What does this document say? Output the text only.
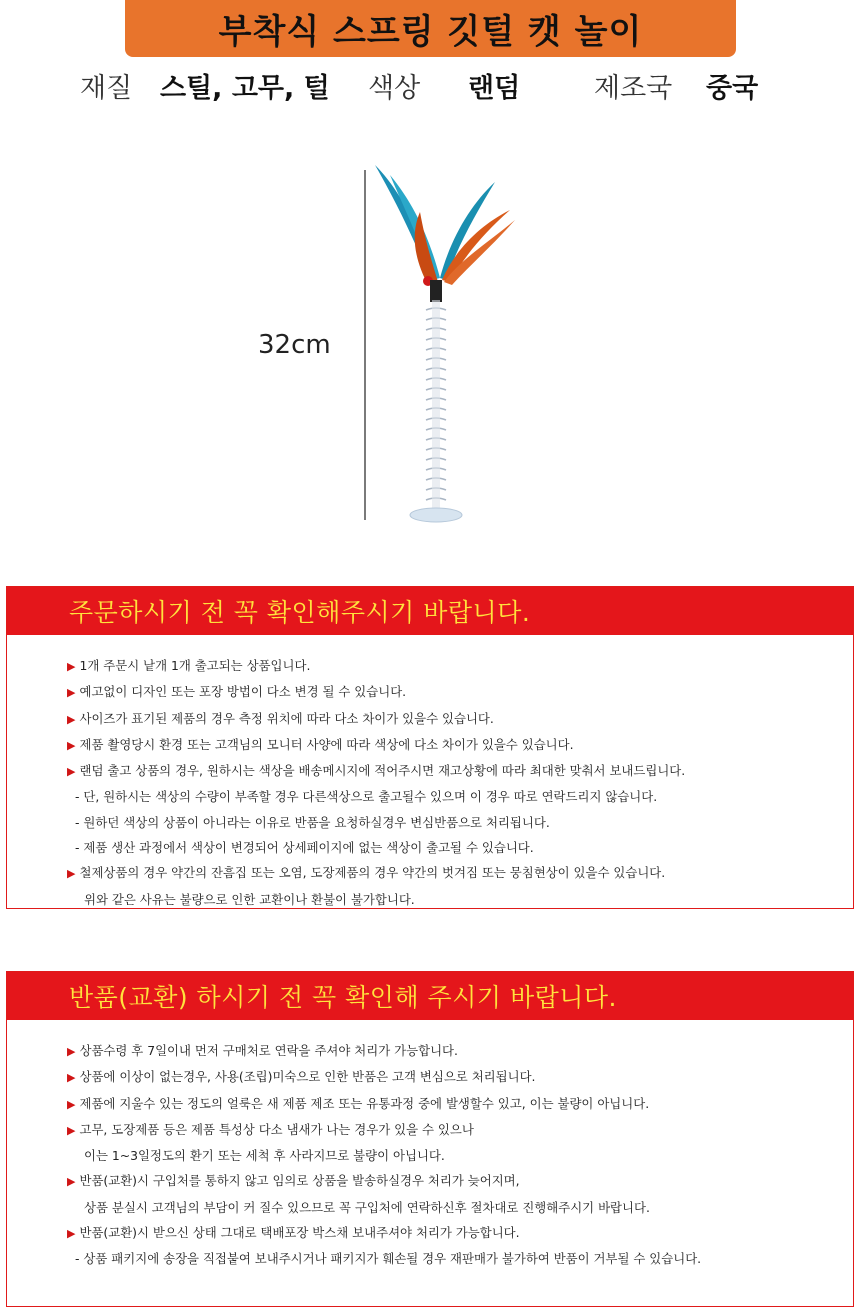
부착식 스프링 깃털 캣 놀이
재질 스틸, 고무, 털 색상 랜덤	제조국 중국
32cm
주문하시기 전 꼭 확인해주시기 바랍니다.
▶ 1개 주문시 낱개 1개 출고되는 상품입니다.
▶ 예고없이 디자인 또는 포장 방법이 다소 변경 될 수 있습니다.
▶ 사이즈가 표기된 제품의 경우 측정 위치에 따라 다소 차이가 있을수 있습니다.
▶ 제품 촬영당시 환경 또는 고객님의 모니터 사양에 따라 색상에 다소 차이가 있을수 있습니다.
▶ 랜덤 출고 상품의 경우, 원하시는 색상을 배송메시지에 적어주시면 재고상황에 따라 최대한 맞춰서 보내드립니다.
- 단, 원하시는 색상의 수량이 부족할 경우 다른색상으로 출고될수 있으며 이 경우 따로 연락드리지 않습니다.
- 원하던 색상의 상품이 아니라는 이유로 반품을 요청하실경우 변심반품으로 처리됩니다.
- 제품 생산 과정에서 색상이 변경되어 상세페이지에 없는 색상이 출고될 수 있습니다.
▶ 철제상품의 경우 약간의 잔흠집 또는 오염, 도장제품의 경우 약간의 벗겨짐 또는 뭉침현상이 있을수 있습니다.
위와 같은 사유는 불량으로 인한 교환이나 환불이 불가합니다.
반품(교환) 하시기 전 꼭 확인해 주시기 바랍니다.
▶ 상품수령 후 7일이내 먼저 구매처로 연락을 주셔야 처리가 가능합니다.
▶ 상품에 이상이 없는경우, 사용(조립)미숙으로 인한 반품은 고객 변심으로 처리됩니다.
▶ 제품에 지울수 있는 정도의 얼룩은 새 제품 제조 또는 유통과정 중에 발생할수 있고, 이는 불량이 아닙니다.
▶ 고무, 도장제품 등은 제품 특성상 다소 냄새가 나는 경우가 있을 수 있으나
이는 1~3일정도의 환기 또는 세척 후 사라지므로 불량이 아닙니다.
▶ 반품(교환)시 구입처를 통하지 않고 임의로 상품을 발송하실경우 처리가 늦어지며,
상품 분실시 고객님의 부담이 커 질수 있으므로 꼭 구입처에 연락하신후 절차대로 진행해주시기 바랍니다.
▶ 반품(교환)시 받으신 상태 그대로 택배포장 박스채 보내주셔야 처리가 가능합니다.
- 상품 패키지에 송장을 직접붙여 보내주시거나 패키지가 훼손될 경우 재판매가 불가하여 반품이 거부될 수 있습니다.
